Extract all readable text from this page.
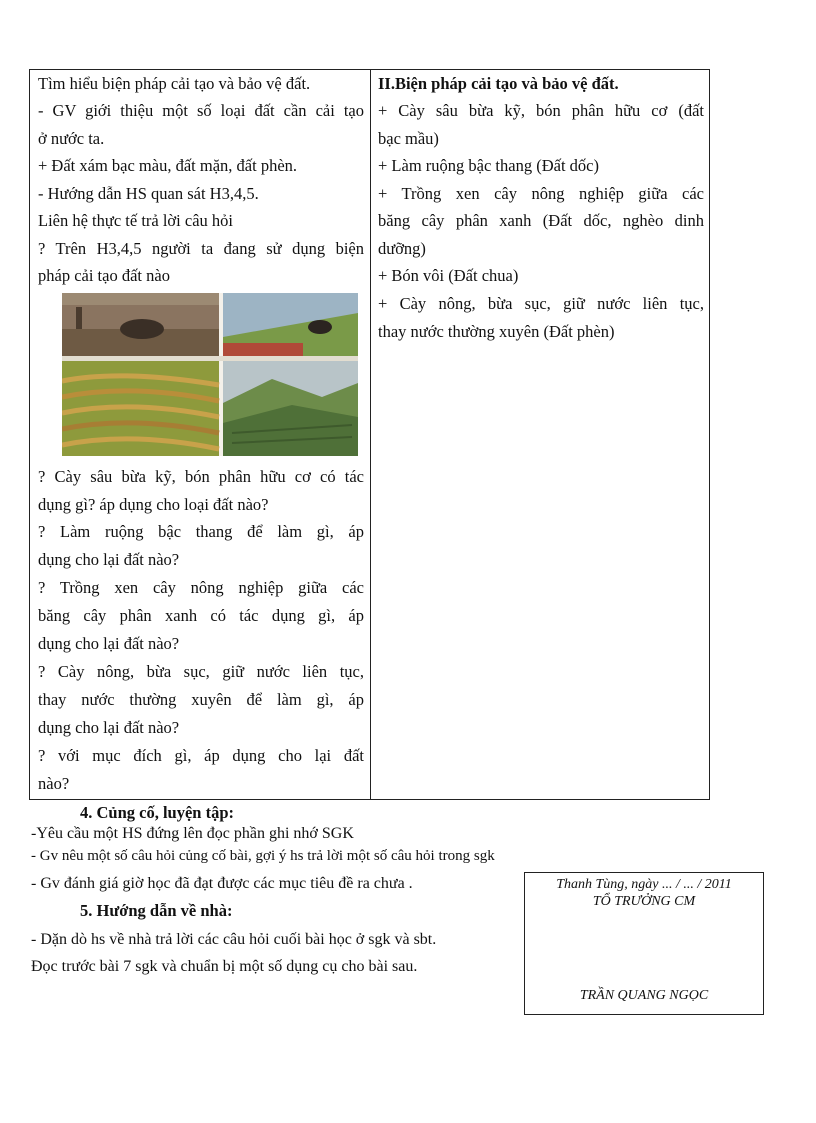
Tìm hiểu biện pháp cải tạo và bảo vệ đất.
- GV giới thiệu một số loại đất cần cải tạo
ở nước ta.
+ Đất xám bạc màu, đất mặn, đất phèn.
- Hướng dẫn HS quan sát H3,4,5.
Liên hệ thực tế trả lời câu hỏi
? Trên H3,4,5 người ta đang sử dụng biện
pháp cải tạo đất nào
? Cày sâu bừa kỹ, bón phân hữu cơ có tác
dụng gì? áp dụng cho loại đất nào?
? Làm ruộng bậc thang để làm gì, áp
dụng cho lại đất nào?
? Trồng xen cây nông nghiệp giữa các
băng cây phân xanh có tác dụng gì, áp
dụng cho lại đất nào?
? Cày nông, bừa sục, giữ nước liên tục,
thay nước thường xuyên để làm gì, áp
dụng cho lại đất nào?
? với mục đích gì, áp dụng cho lại đất
nào?
II.Biện pháp cải tạo và bảo vệ đất.
+ Cày sâu bừa kỹ, bón phân hữu cơ (đất
bạc mầu)
+ Làm ruộng bậc thang (Đất dốc)
+ Trồng xen cây nông nghiệp giữa các
băng cây phân xanh (Đất dốc, nghèo dinh
dưỡng)
+ Bón vôi (Đất chua)
+ Cày nông, bừa sục, giữ nước liên tục,
thay nước thường xuyên (Đất phèn)
4. Củng cố, luyện tập:
-Yêu cầu một HS đứng lên đọc phần ghi nhớ SGK
- Gv nêu một số câu hỏi củng cố bài, gợi ý hs trả lời một số câu hỏi trong sgk
- Gv đánh giá giờ học đã đạt được các mục tiêu đề ra chưa .
5. Hướng dẫn về nhà:
- Dặn dò hs về nhà trả lời các câu hỏi cuối bài học ở sgk và sbt.
Đọc trước bài 7 sgk và chuẩn bị một số dụng cụ cho bài sau.
Thanh Tùng, ngày ... / ... / 2011
TỔ TRƯỞNG CM
TRẦN QUANG NGỌC
